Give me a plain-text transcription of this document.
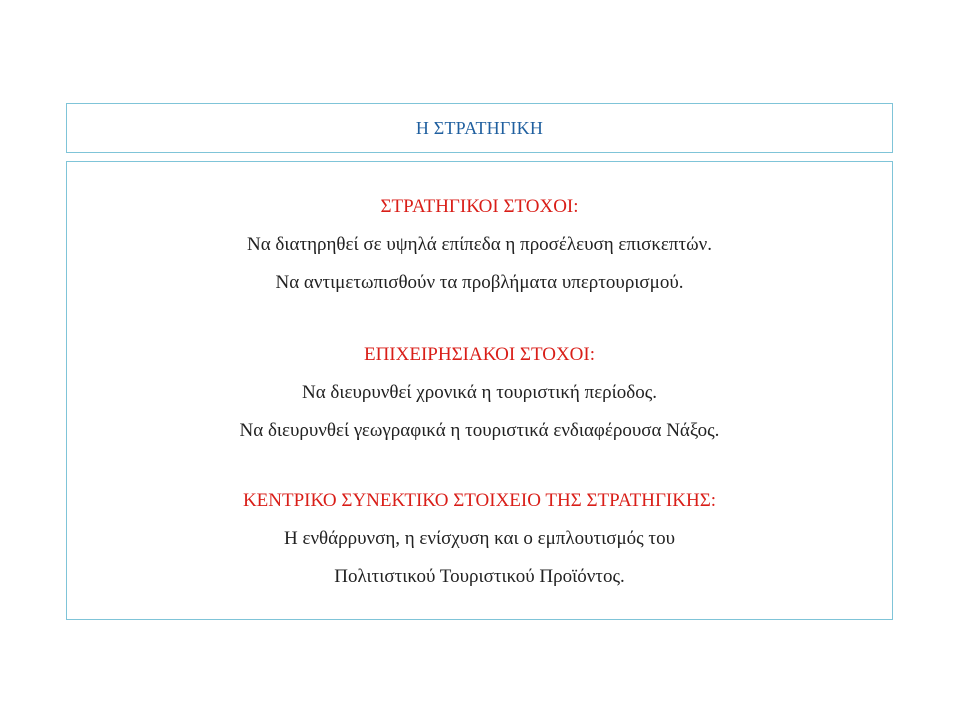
Η ΣΤΡΑΤΗΓΙΚΗ
ΣΤΡΑΤΗΓΙΚΟΙ ΣΤΟΧΟΙ:
Να διατηρηθεί σε υψηλά επίπεδα η προσέλευση επισκεπτών.
Να αντιμετωπισθούν τα προβλήματα υπερτουρισμού.
ΕΠΙΧΕΙΡΗΣΙΑΚΟΙ ΣΤΟΧΟΙ:
Να διευρυνθεί χρονικά η τουριστική περίοδος.
Να διευρυνθεί γεωγραφικά η τουριστικά ενδιαφέρουσα Νάξος.
ΚΕΝΤΡΙΚΟ ΣΥΝΕΚΤΙΚΟ ΣΤΟΙΧΕΙΟ ΤΗΣ ΣΤΡΑΤΗΓΙΚΗΣ:
Η ενθάρρυνση, η ενίσχυση και ο εμπλουτισμός του
Πολιτιστικού Τουριστικού Προϊόντος.
